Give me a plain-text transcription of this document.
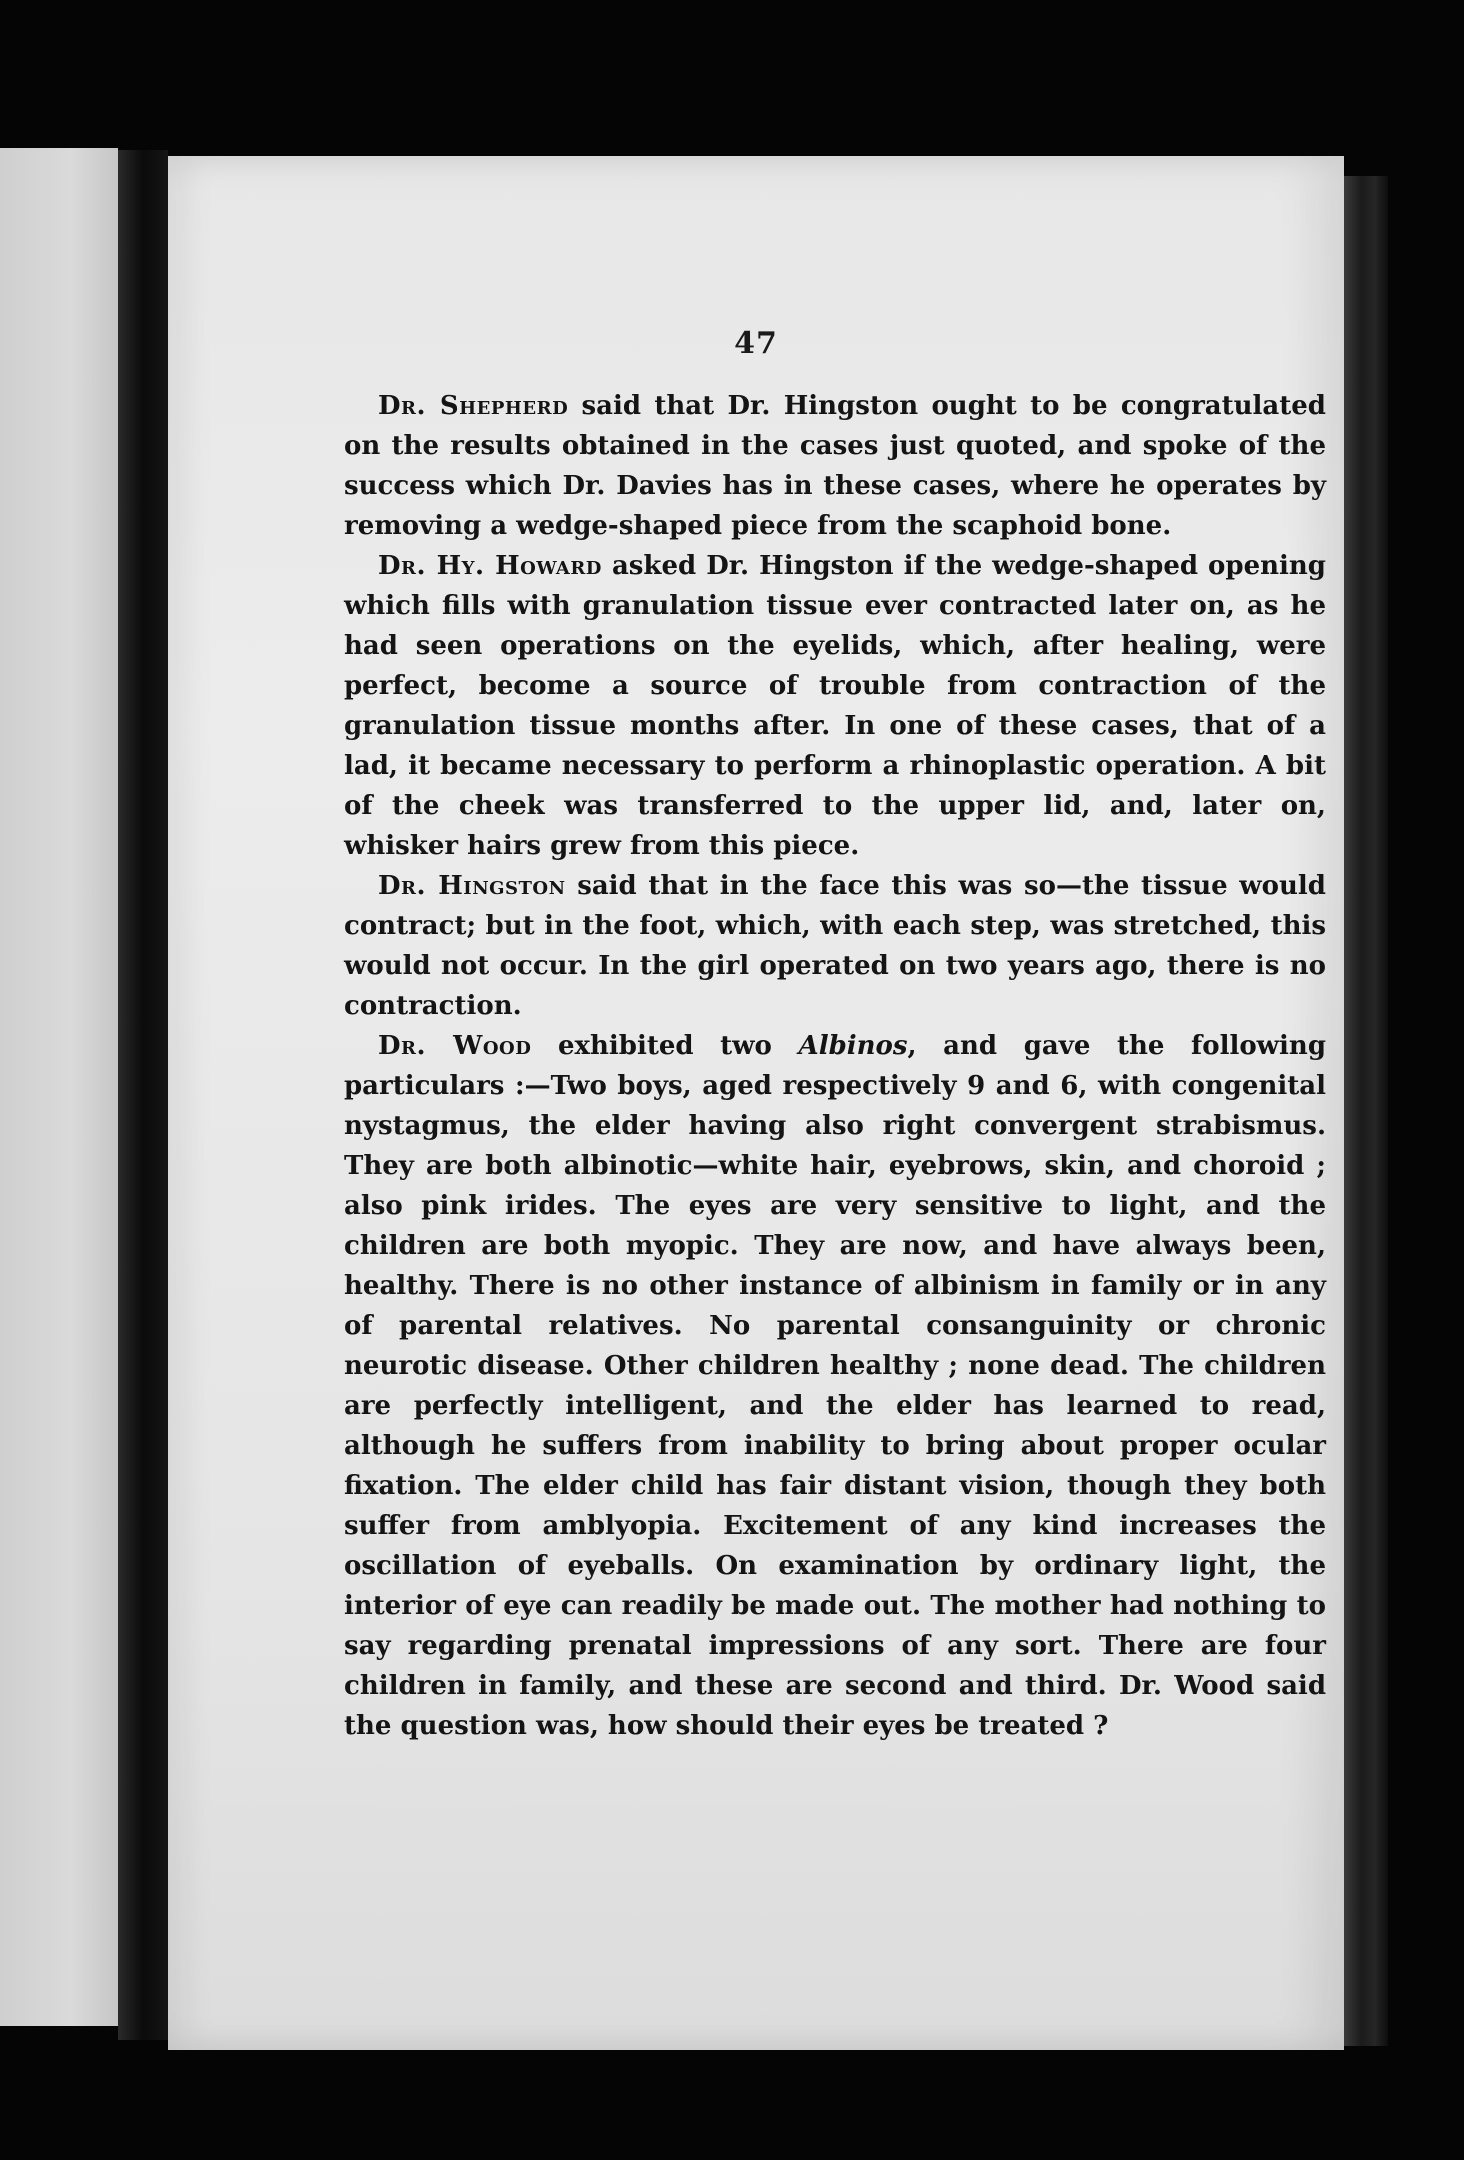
47

Dr. Shepherd said that Dr. Hingston ought to be congratulated on the results obtained in the cases just quoted, and spoke of the success which Dr. Davies has in these cases, where he operates by removing a wedge-shaped piece from the scaphoid bone.

Dr. Hy. Howard asked Dr. Hingston if the wedge-shaped opening which fills with granulation tissue ever contracted later on, as he had seen operations on the eyelids, which, after healing, were perfect, become a source of trouble from contraction of the granulation tissue months after. In one of these cases, that of a lad, it became necessary to perform a rhinoplastic operation. A bit of the cheek was transferred to the upper lid, and, later on, whisker hairs grew from this piece.

Dr. Hingston said that in the face this was so—the tissue would contract; but in the foot, which, with each step, was stretched, this would not occur. In the girl operated on two years ago, there is no contraction.

Dr. Wood exhibited two Albinos, and gave the following particulars :—Two boys, aged respectively 9 and 6, with congenital nystagmus, the elder having also right convergent strabismus. They are both albinotic—white hair, eyebrows, skin, and choroid ; also pink irides. The eyes are very sensitive to light, and the children are both myopic. They are now, and have always been, healthy. There is no other instance of albinism in family or in any of parental relatives. No parental consanguinity or chronic neurotic disease. Other children healthy ; none dead. The children are perfectly intelligent, and the elder has learned to read, although he suffers from inability to bring about proper ocular fixation. The elder child has fair distant vision, though they both suffer from amblyopia. Excitement of any kind increases the oscillation of eyeballs. On examination by ordinary light, the interior of eye can readily be made out. The mother had nothing to say regarding prenatal impressions of any sort. There are four children in family, and these are second and third. Dr. Wood said the question was, how should their eyes be treated ?
